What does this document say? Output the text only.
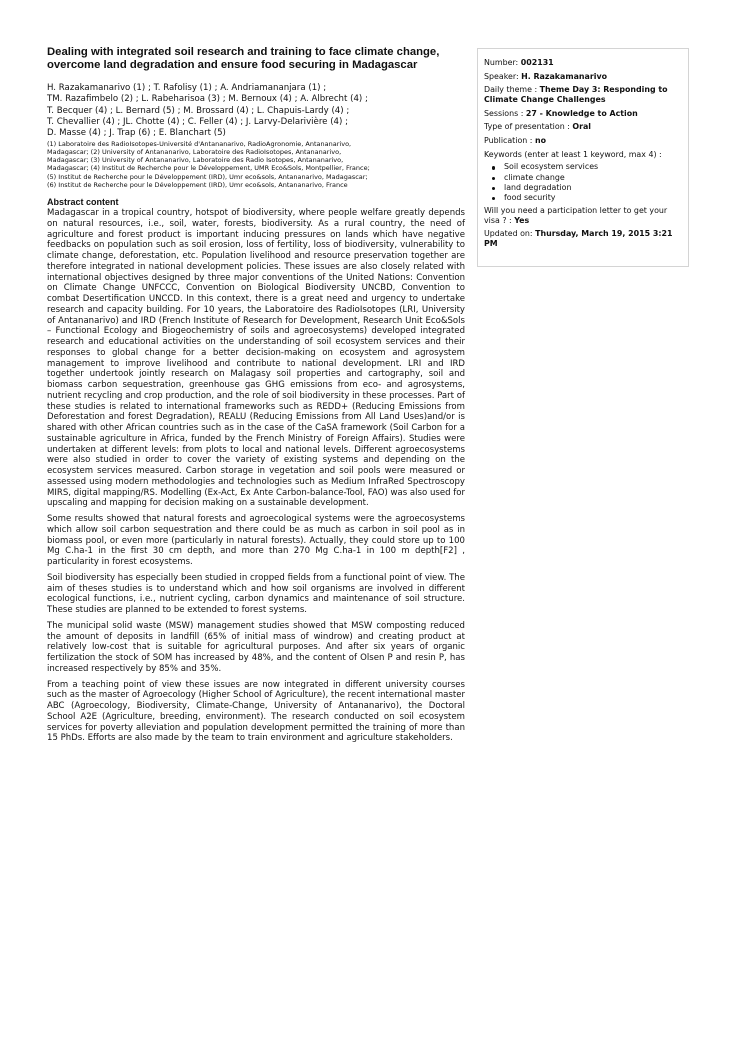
Dealing with integrated soil research and training to face climate change, overcome land degradation and ensure food securing in Madagascar
H. Razakamanarivo (1) ; T. Rafolisy (1) ; A. Andriamananjara (1) ;
TM. Razafimbelo (2) ; L. Rabeharisoa (3) ; M. Bernoux (4) ; A. Albrecht (4) ;
T. Becquer (4) ; L. Bernard (5) ; M. Brossard (4) ; L. Chapuis-Lardy (4) ;
T. Chevallier (4) ; JL. Chotte (4) ; C. Feller (4) ; J. Larvy-Delarivière (4) ;
D. Masse (4) ; J. Trap (6) ; E. Blanchart (5)
(1) Laboratoire des RadioIsotopes-Université d'Antananarivo, RadioAgronomie, Antananarivo,
Madagascar; (2) University of Antananarivo, Laboratoire des RadioIsotopes, Antananarivo,
Madagascar; (3) University of Antananarivo, Laboratoire des Radio Isotopes, Antananarivo,
Madagascar; (4) Institut de Recherche pour le Développement, UMR Eco&Sols, Montpellier, France;
(5) Institut de Recherche pour le Développement (IRD), Umr eco&sols, Antananarivo, Madagascar;
(6) Institut de Recherche pour le Développement (IRD), Umr eco&sols, Antananarivo, France
Abstract content

Madagascar in a tropical country, hotspot of biodiversity, where people welfare greatly depends on natural resources, i.e., soil, water, forests, biodiversity. As a rural country, the need of agriculture and forest product is important inducing pressures on lands which have negative feedbacks on population such as soil erosion, loss of fertility, loss of biodiversity, vulnerability to climate change, deforestation, etc. Population livelihood and resource preservation together are therefore integrated in national development policies. These issues are also closely related with international objectives designed by three major conventions of the United Nations: Convention on Climate Change UNFCCC, Convention on Biological Biodiversity UNCBD, Convention to combat Desertification UNCCD. In this context, there is a great need and urgency to undertake research and capacity building. For 10 years, the Laboratoire des RadioIsotopes (LRI, University of Antananarivo) and IRD (French Institute of Research for Development, Research Unit Eco&Sols – Functional Ecology and Biogeochemistry of soils and agroecosystems) developed integrated research and educational activities on the understanding of soil ecosystem services and their responses to global change for a better decision-making on ecosystem and agrosystem management to improve livelihood and contribute to national development. LRI and IRD together undertook jointly research on Malagasy soil properties and cartography, soil and biomass carbon sequestration, greenhouse gas GHG emissions from eco- and agrosystems, nutrient recycling and crop production, and the role of soil biodiversity in these processes. Part of these studies is related to international frameworks such as REDD+ (Reducing Emissions from Deforestation and forest Degradation), REALU (Reducing Emissions from All Land Uses)and/or is shared with other African countries such as in the case of the CaSA framework (Soil Carbon for a sustainable agriculture in Africa, funded by the French Ministry of Foreign Affairs). Studies were undertaken at different levels: from plots to local and national levels. Different agroecosystems were also studied in order to cover the variety of existing systems and depending on the ecosystem services measured. Carbon storage in vegetation and soil pools were measured or assessed using modern methodologies and technologies such as Medium InfraRed Spectroscopy MIRS, digital mapping/RS. Modelling (Ex-Act, Ex Ante Carbon-balance-Tool, FAO) was also used for upscaling and mapping for decision making on a sustainable development.

Some results showed that natural forests and agroecological systems were the agroecosystems which allow soil carbon sequestration and there could be as much as carbon in soil pool as in biomass pool, or even more (particularly in natural forests). Actually, they could store up to 100 Mg C.ha-1 in the first 30 cm depth, and more than 270 Mg C.ha-1 in 100 m depth[F2] , particularity in forest ecosystems.

Soil biodiversity has especially been studied in cropped fields from a functional point of view. The aim of theses studies is to understand which and how soil organisms are involved in different ecological functions, i.e., nutrient cycling, carbon dynamics and maintenance of soil structure. These studies are planned to be extended to forest systems.

The municipal solid waste (MSW) management studies showed that MSW composting reduced the amount of deposits in landfill (65% of initial mass of windrow) and creating product at relatively low-cost that is suitable for agricultural purposes. And after six years of organic fertilization the stock of SOM has increased by 48%, and the content of Olsen P and resin P, has increased respectively by 85% and 35%.

From a teaching point of view these issues are now integrated in different university courses such as the master of Agroecology (Higher School of Agriculture), the recent international master ABC (Agroecology, Biodiversity, Climate-Change, University of Antananarivo), the Doctoral School A2E (Agriculture, breeding, environment). The research conducted on soil ecosystem services for poverty alleviation and population development permitted the training of more than 15 PhDs. Efforts are also made by the team to train environment and agriculture stakeholders.

Number: 002131
Speaker: H. Razakamanarivo
Daily theme : Theme Day 3: Responding to Climate Change Challenges
Sessions : 27 - Knowledge to Action
Type of presentation : Oral
Publication : no
Keywords (enter at least 1 keyword, max 4) :
Soil ecosystem services
climate change
land degradation
food security
Will you need a participation letter to get your visa ? : Yes
Updated on: Thursday, March 19, 2015 3:21 PM
